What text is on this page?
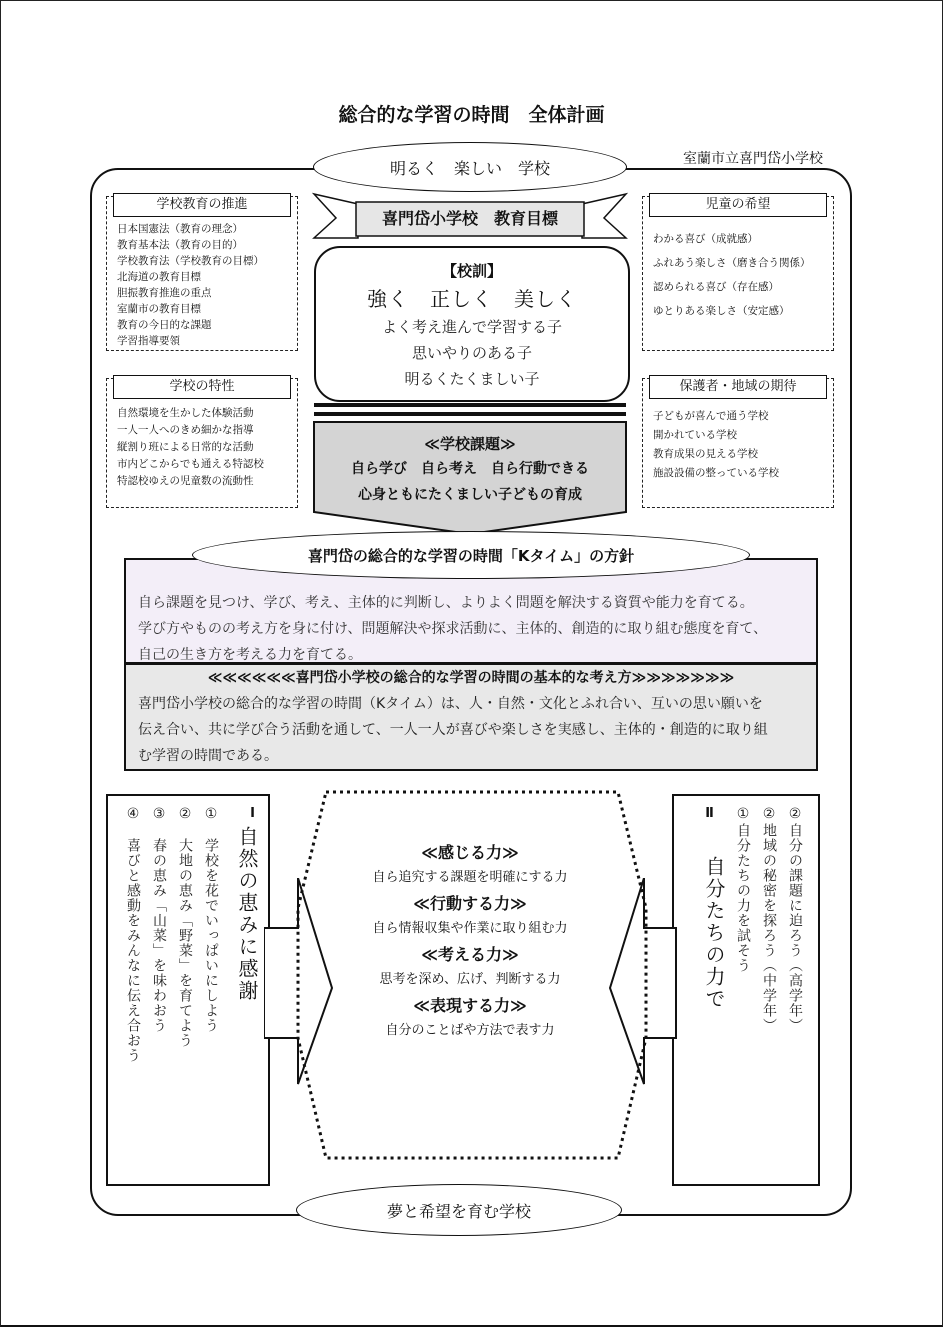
総合的な学習の時間　全体計画
室蘭市立喜門岱小学校
明るく　楽しい　学校
学校教育の推進
日本国憲法（教育の理念）
教育基本法（教育の目的）
学校教育法（学校教育の目標）
北海道の教育目標
胆振教育推進の重点
室蘭市の教育目標
教育の今日的な課題
学習指導要領
学校の特性
自然環境を生かした体験活動
一人一人へのきめ細かな指導
縦割り班による日常的な活動
市内どこからでも通える特認校
特認校ゆえの児童数の流動性
児童の希望
わかる喜び（成就感）
ふれあう楽しさ（磨き合う関係）
認められる喜び（存在感）
ゆとりある楽しさ（安定感）
保護者・地域の期待
子どもが喜んで通う学校
開かれている学校
教育成果の見える学校
施設設備の整っている学校
喜門岱小学校　教育目標
【校訓】
強く　正しく　美しく
よく考え進んで学習する子
思いやりのある子
明るくたくましい子
≪学校課題≫
自ら学び　自ら考え　自ら行動できる
心身ともにたくましい子どもの育成
自ら課題を見つけ、学び、考え、主体的に判断し、よりよく問題を解決する資質や能力を育てる。
学び方やものの考え方を身に付け、問題解決や探求活動に、主体的、創造的に取り組む態度を育て、
自己の生き方を考える力を育てる。
喜門岱の総合的な学習の時間「Kタイム」の方針
≪≪≪≪≪≪喜門岱小学校の総合的な学習の時間の基本的な考え方≫≫≫≫≫≫≫
喜門岱小学校の総合的な学習の時間（Kタイム）は、人・自然・文化とふれ合い、互いの思い願いを
伝え合い、共に学び合う活動を通して、一人一人が喜びや楽しさを実感し、主体的・創造的に取り組
む学習の時間である。
Ⅰ
自然の恵みに感謝
①　学校を花でいっぱいにしよう
②　大地の恵み「野菜」を育てよう
③　春の恵み「山菜」を味わおう
④　喜びと感動をみんなに伝え合おう	Ⅱ
自分たちの力で	②自分の課題に迫ろう（高学年）
②地域の秘密を探ろう（中学年）
①自分たちの力を試そう
≪感じる力≫
自ら追究する課題を明確にする力
≪行動する力≫
自ら情報収集や作業に取り組む力
≪考える力≫
思考を深め、広げ、判断する力
≪表現する力≫
自分のことばや方法で表す力
夢と希望を育む学校
